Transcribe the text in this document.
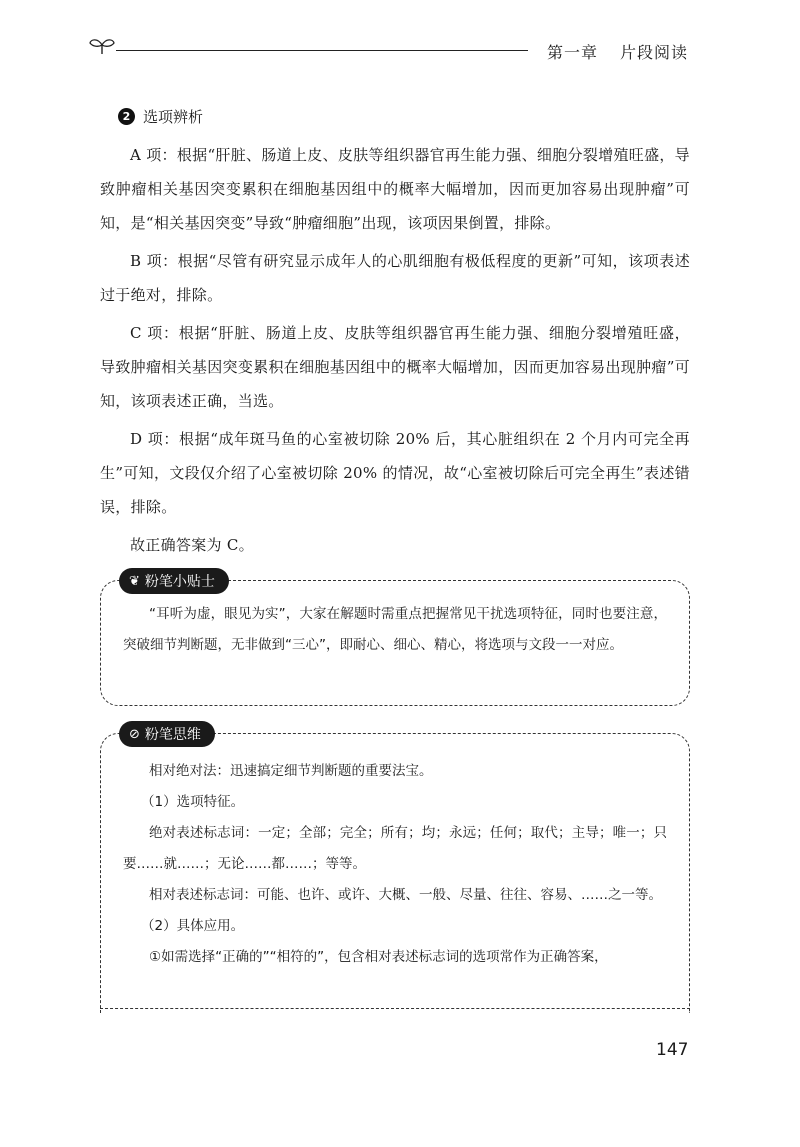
第一章 片段阅读
2 选项辨析

A 项：根据“肝脏、肠道上皮、皮肤等组织器官再生能力强、细胞分裂增殖旺盛，导致肿瘤相关基因突变累积在细胞基因组中的概率大幅增加，因而更加容易出现肿瘤”可知，是“相关基因突变”导致“肿瘤细胞”出现，该项因果倒置，排除。

B 项：根据“尽管有研究显示成年人的心肌细胞有极低程度的更新”可知，该项表述过于绝对，排除。

C 项：根据“肝脏、肠道上皮、皮肤等组织器官再生能力强、细胞分裂增殖旺盛，导致肿瘤相关基因突变累积在细胞基因组中的概率大幅增加，因而更加容易出现肿瘤”可知，该项表述正确，当选。

D 项：根据“成年斑马鱼的心室被切除 20% 后，其心脏组织在 2 个月内可完全再生”可知，文段仅介绍了心室被切除 20% 的情况，故“心室被切除后可完全再生”表述错误，排除。

故正确答案为 C。

❦ 粉笔小贴士

“耳听为虚，眼见为实”，大家在解题时需重点把握常见干扰选项特征，同时也要注意，突破细节判断题，无非做到“三心”，即耐心、细心、精心，将选项与文段一一对应。

⊘ 粉笔思维

相对绝对法：迅速搞定细节判断题的重要法宝。

（1）选项特征。

绝对表述标志词：一定；全部；完全；所有；均；永远；任何；取代；主导；唯一；只要……就……；无论……都……；等等。

相对表述标志词：可能、也许、或许、大概、一般、尽量、往往、容易、……之一等。

（2）具体应用。

①如需选择“正确的”“相符的”，包含相对表述标志词的选项常作为正确答案，

147
